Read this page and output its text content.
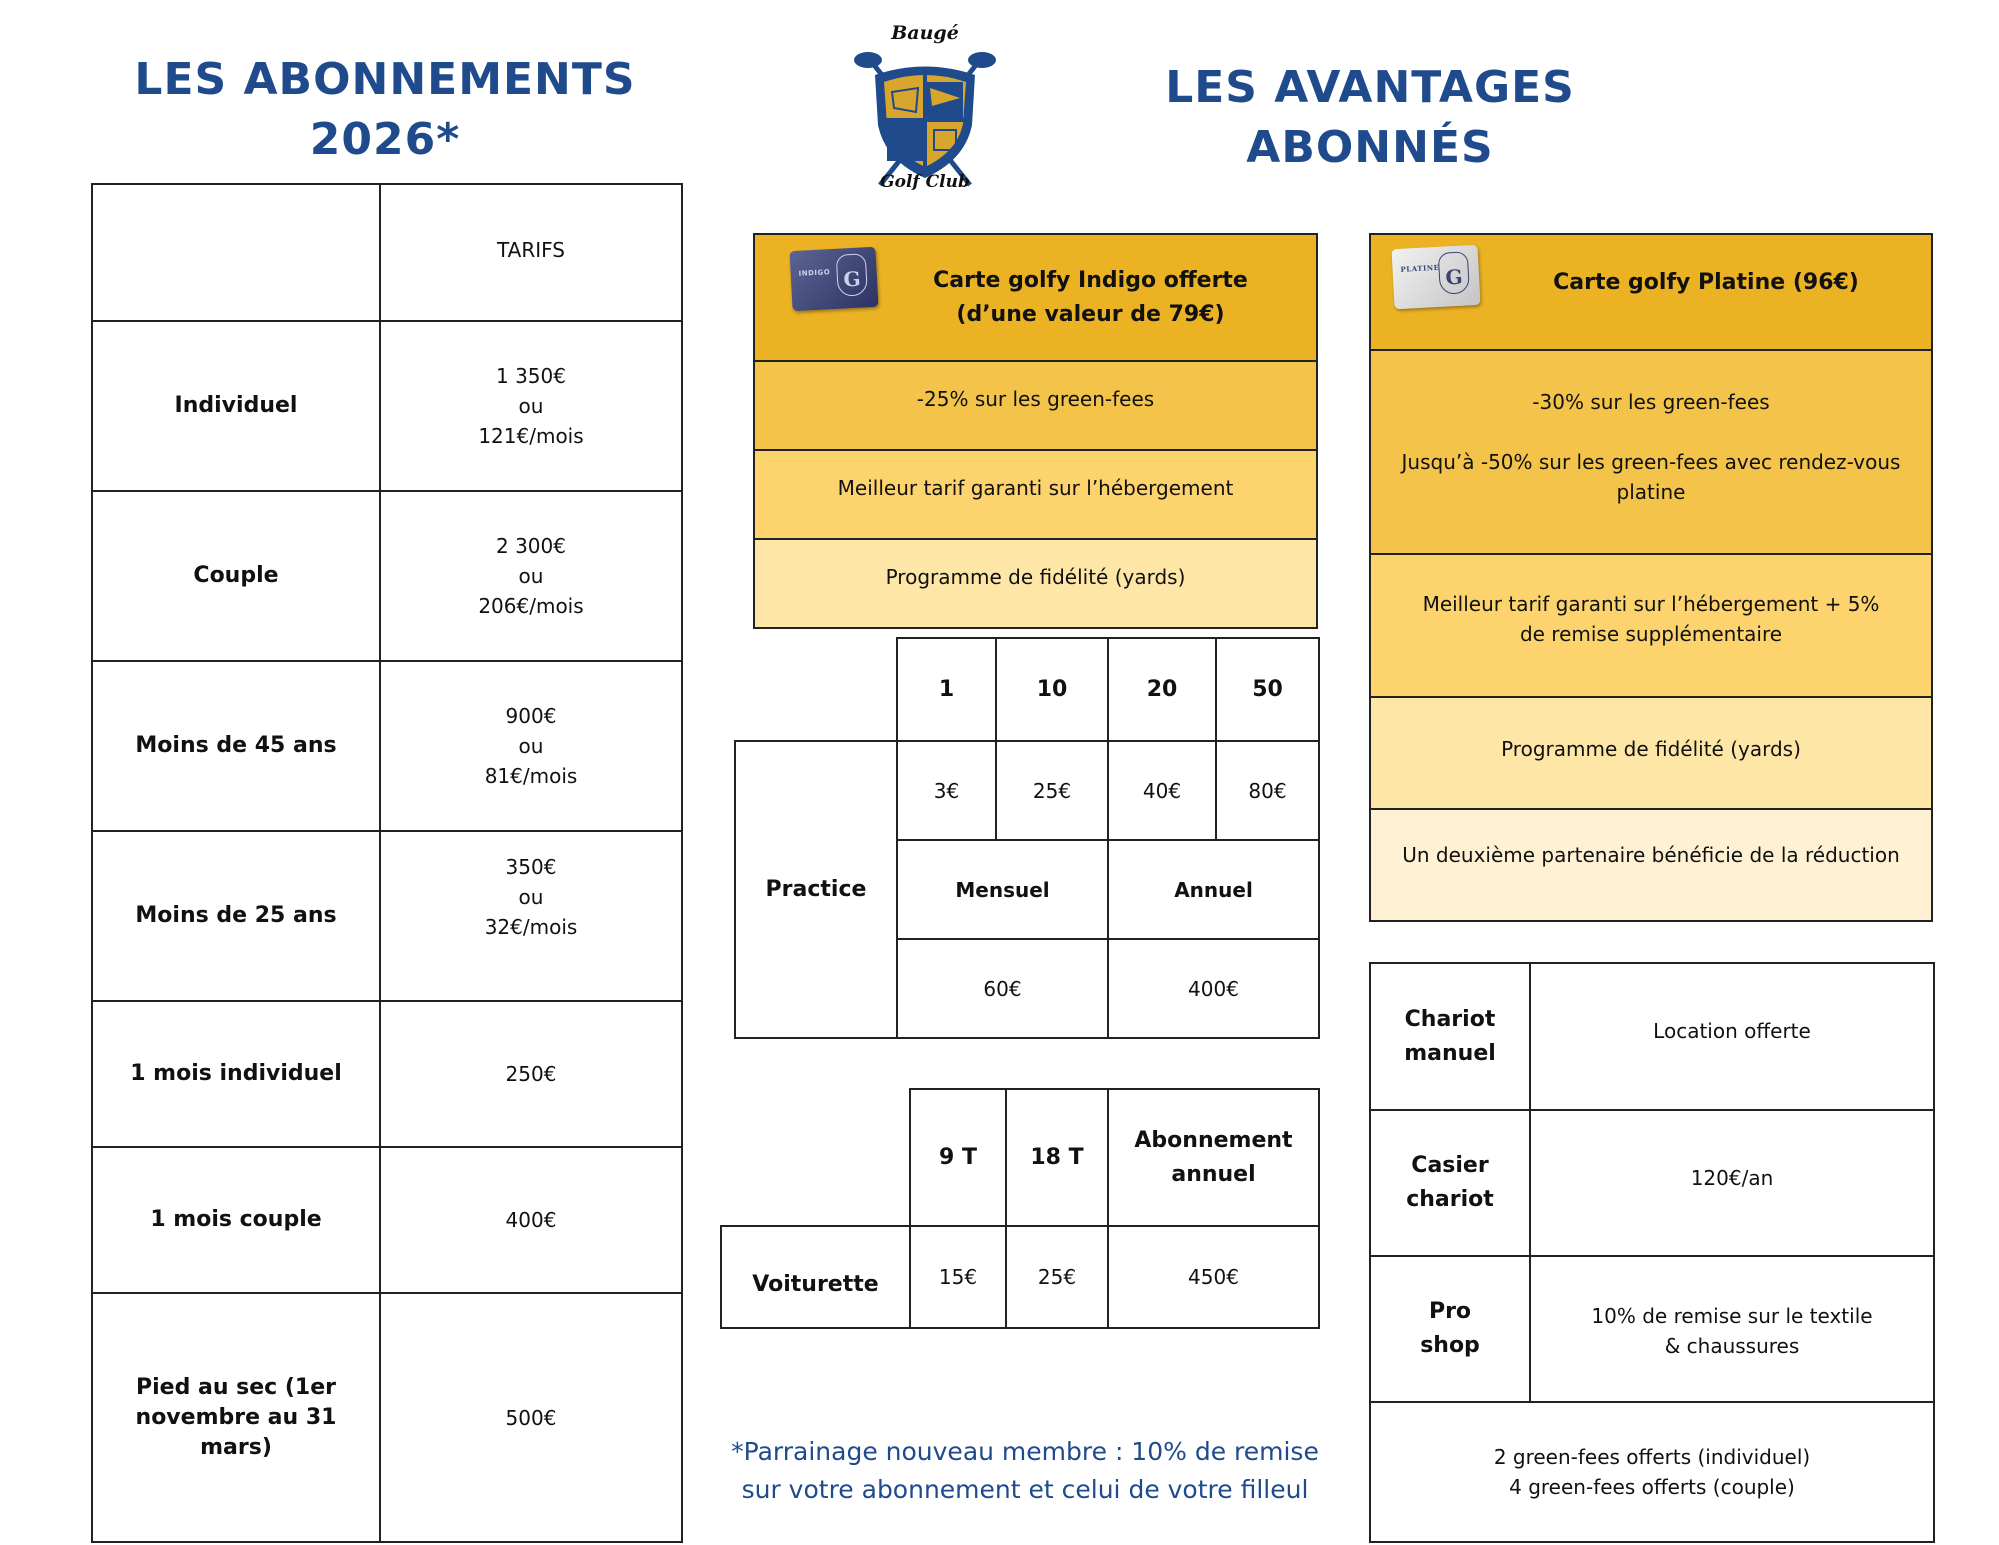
LES ABONNEMENTS
2026*
Baugé
Golf Club
LES AVANTAGES
ABONNÉS
	TARIFS
Individuel	1 350€
ou
121€/mois

Couple	2 300€
ou
206€/mois

Moins de 45 ans	900€
ou
81€/mois

Moins de 25 ans	350€
ou
32€/mois

1 mois individuel	250€

1 mois couple	400€

Pied au sec (1er novembre au 31 mars)	500€
INDIGO G	Carte golfy Indigo offerte
(d’une valeur de 79€)

-25% sur les green-fees
Meilleur tarif garanti sur l’hébergement
Programme de fidélité (yards)
PLATINE G	Carte golfy Platine (96€)

-30% sur les green-fees
Jusqu’à -50% sur les green-fees avec rendez-vous platine

Meilleur tarif garanti sur l’hébergement + 5% de remise supplémentaire
Programme de fidélité (yards)
Un deuxième partenaire bénéficie de la réduction
	1	10	20	50
Practice	3€	25€	40€	80€
	Mensuel		Annuel	
	60€		400€	
	9 T	18 T	Abonnement annuel
Voiturette	15€	25€	450€
*Parrainage nouveau membre : 10% de remise
sur votre abonnement et celui de votre filleul
Chariot manuel	Location offerte
Casier chariot	120€/an
Pro shop	10% de remise sur le textile & chaussures

2 green-fees offerts (individuel)
4 green-fees offerts (couple)	
